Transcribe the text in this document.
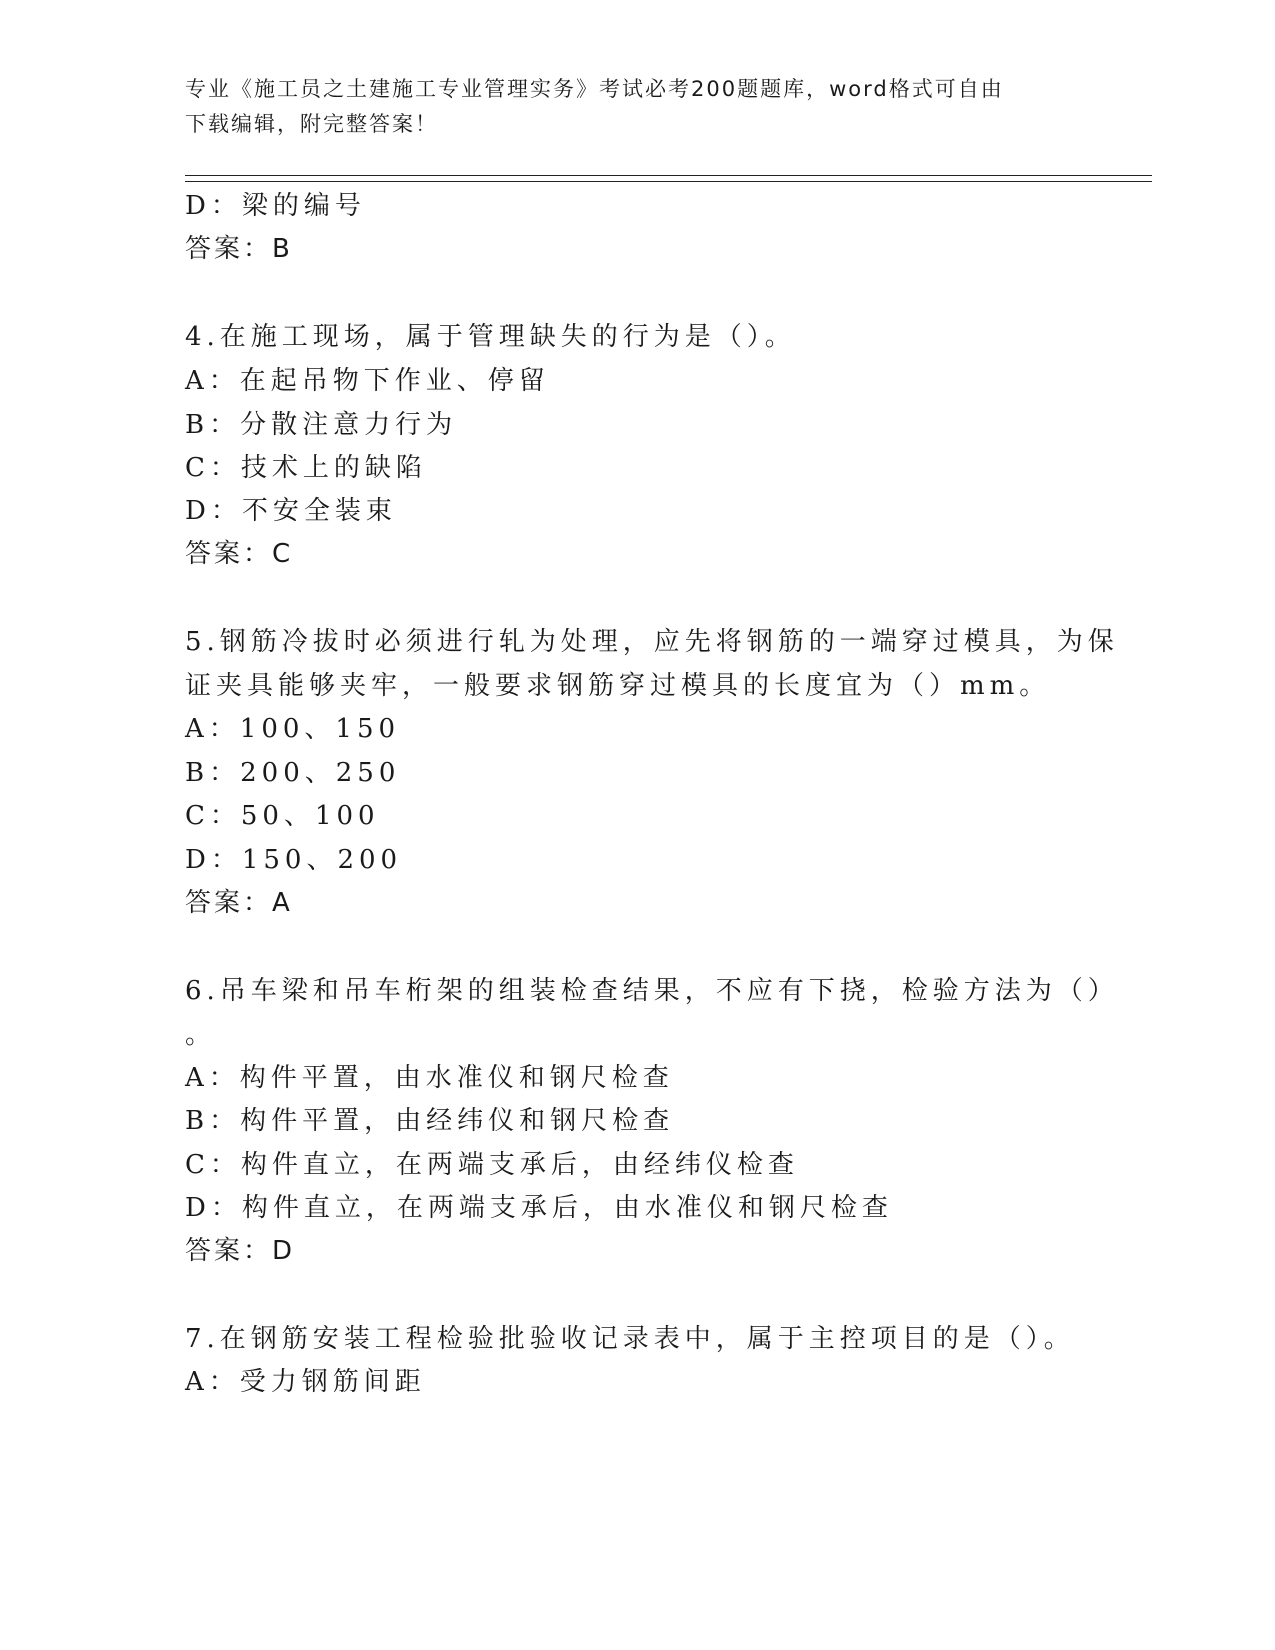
专业《施工员之土建施工专业管理实务》考试必考200题题库，word格式可自由
下载编辑，附完整答案！
D：梁的编号
答案：B
4.在施工现场，属于管理缺失的行为是（）。
A：在起吊物下作业、停留
B：分散注意力行为
C：技术上的缺陷
D：不安全装束
答案：C
5.钢筋冷拔时必须进行轧为处理，应先将钢筋的一端穿过模具，为保
证夹具能够夹牢，一般要求钢筋穿过模具的长度宜为（）mm。
A：100、150
B：200、250
C：50、100
D：150、200
答案：A
6.吊车梁和吊车桁架的组装检查结果，不应有下挠，检验方法为（）
。
A：构件平置，由水准仪和钢尺检查
B：构件平置，由经纬仪和钢尺检查
C：构件直立，在两端支承后，由经纬仪检查
D：构件直立，在两端支承后，由水准仪和钢尺检查
答案：D
7.在钢筋安装工程检验批验收记录表中，属于主控项目的是（）。
A：受力钢筋间距
